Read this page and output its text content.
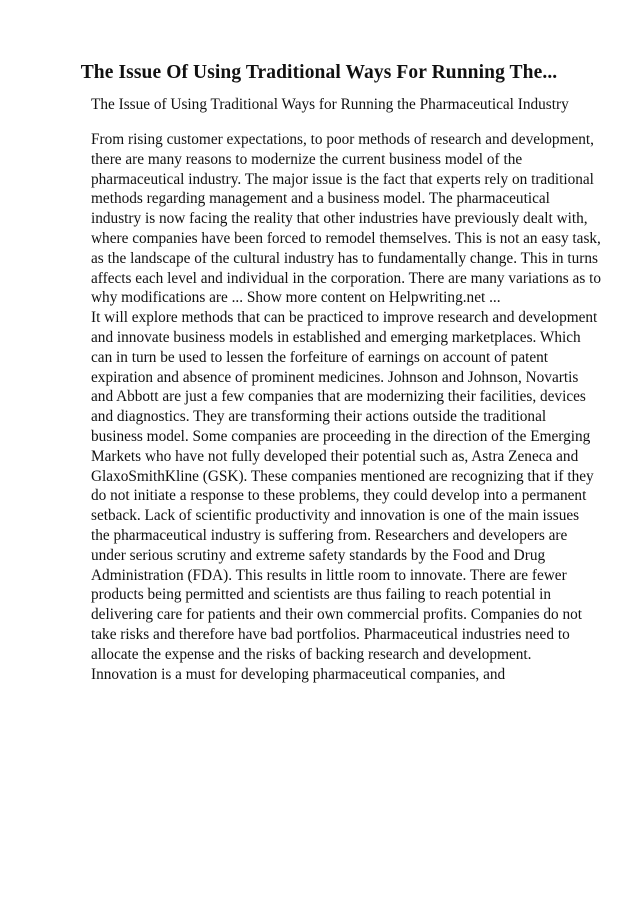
The Issue Of Using Traditional Ways For Running The...

The Issue of Using Traditional Ways for Running the Pharmaceutical Industry

From rising customer expectations, to poor methods of research and development, there are many reasons to modernize the current business model of the pharmaceutical industry. The major issue is the fact that experts rely on traditional methods regarding management and a business model. The pharmaceutical industry is now facing the reality that other industries have previously dealt with, where companies have been forced to remodel themselves. This is not an easy task, as the landscape of the cultural industry has to fundamentally change. This in turns affects each level and individual in the corporation. There are many variations as to why modifications are ... Show more content on Helpwriting.net ...

It will explore methods that can be practiced to improve research and development and innovate business models in established and emerging marketplaces. Which can in turn be used to lessen the forfeiture of earnings on account of patent expiration and absence of prominent medicines. Johnson and Johnson, Novartis and Abbott are just a few companies that are modernizing their facilities, devices and diagnostics. They are transforming their actions outside the traditional business model. Some companies are proceeding in the direction of the Emerging Markets who have not fully developed their potential such as, Astra Zeneca and GlaxoSmithKline (GSK). These companies mentioned are recognizing that if they do not initiate a response to these problems, they could develop into a permanent setback. Lack of scientific productivity and innovation is one of the main issues the pharmaceutical industry is suffering from. Researchers and developers are under serious scrutiny and extreme safety standards by the Food and Drug Administration (FDA). This results in little room to innovate. There are fewer products being permitted and scientists are thus failing to reach potential in delivering care for patients and their own commercial profits. Companies do not take risks and therefore have bad portfolios. Pharmaceutical industries need to allocate the expense and the risks of backing research and development. Innovation is a must for developing pharmaceutical companies, and
